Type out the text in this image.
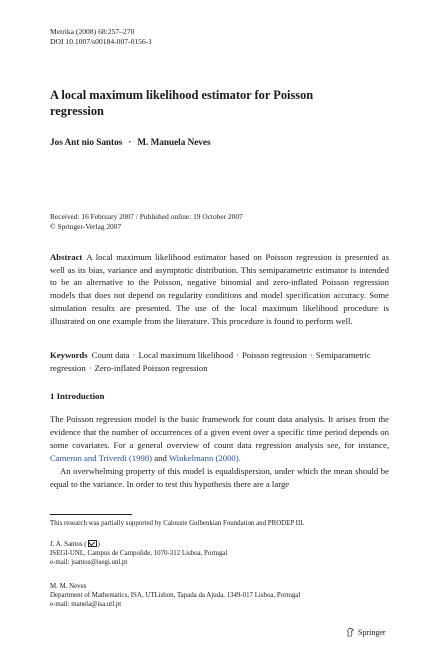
Metrika (2008) 68:257–270
DOI 10.1007/s00184-007-0156-1
A local maximum likelihood estimator for Poisson
regression
Jos Ant nio Santos · M. Manuela Neves
Received: 16 February 2007 / Published online: 19 October 2007
© Springer-Verlag 2007
Abstract A local maximum likelihood estimator based on Poisson regression is presented as well as its bias, variance and asymptotic distribution. This semiparametric estimator is intended to be an alternative to the Poisson, negative binomial and zero-inflated Poisson regression models that does not depend on regularity conditions and model specification accuracy. Some simulation results are presented. The use of the local maximum likelihood procedure is illustrated on one example from the literature. This procedure is found to perform well.
Keywords Count data · Local maximum likelihood · Poisson regression · Semiparametric regression · Zero-inflated Poisson regression
1 Introduction

The Poisson regression model is the basic framework for count data analysis. It arises from the evidence that the number of occurrences of a given event over a specific time period depends on some covariates. For a general overview of count data regression analysis see, for instance, Cameron and Triverdi (1998) and Winkelmann (2000).

An overwhelming property of this model is equaldispersion, under which the mean should be equal to the variance. In order to test this hypothesis there are a large

This research was partially supported by Calouste Gulbenkian Foundation and PRODEP III.
J. A. Santos ( )
ISEGI-UNL, Campus de Campolide, 1070-312 Lisboa, Portugal
e-mail: jsantos@isegi.unl.pt
M. M. Neves
Department of Mathematics, ISA, UTLisbon, Tapada da Ajuda, 1349-017 Lisboa, Portugal
e-mail: manela@isa.utl.pt
Springer
